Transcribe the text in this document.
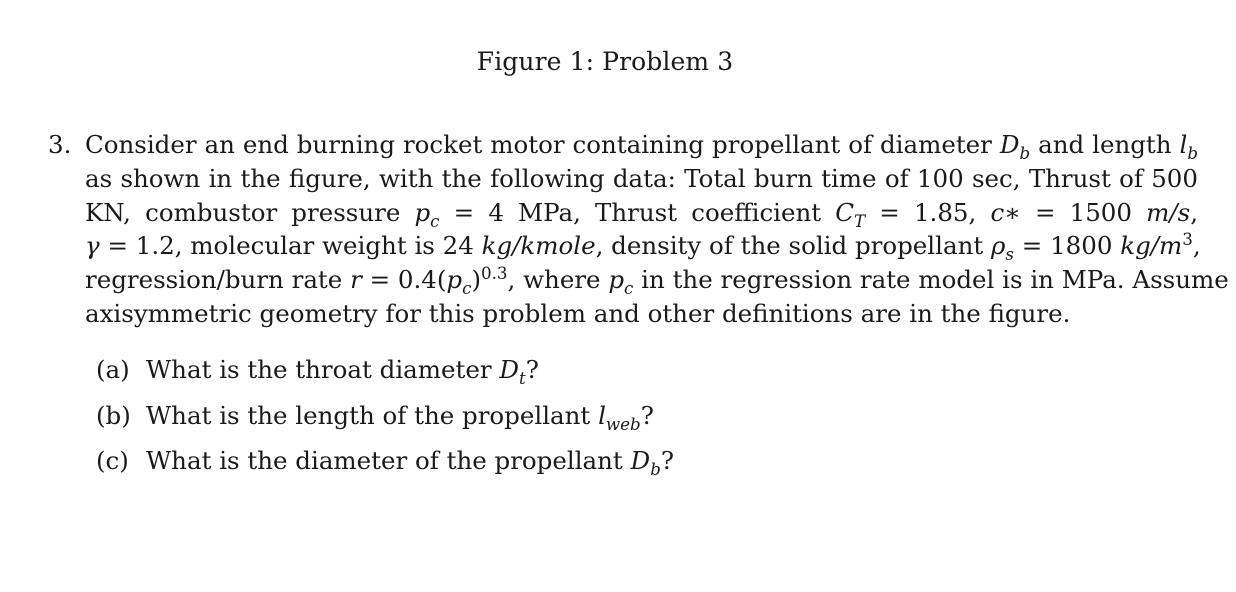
Figure 1: Problem 3
3. Consider an end burning rocket motor containing propellant of diameter $D_b$ and length $l_b$
as shown in the figure, with the following data: Total burn time of 100 sec, Thrust of 500
KN, combustor pressure $p_c = 4$ MPa, Thrust coefficient $C_T = 1.85$, c∗ = 1500 m/s,
γ = 1.2, molecular weight is 24 kg/kmole, density of the solid propellant $\rho_s = 1800$ $kg/m^3$,
regression/burn rate $r = 0.4(p_c)^{0.3}$, where $p_c$ in the regression rate model is in MPa. Assume
axisymmetric geometry for this problem and other definitions are in the figure.
(a) What is the throat diameter $D_t$?
(b) What is the length of the propellant $l_{web}$?
(c) What is the diameter of the propellant $D_b$?
